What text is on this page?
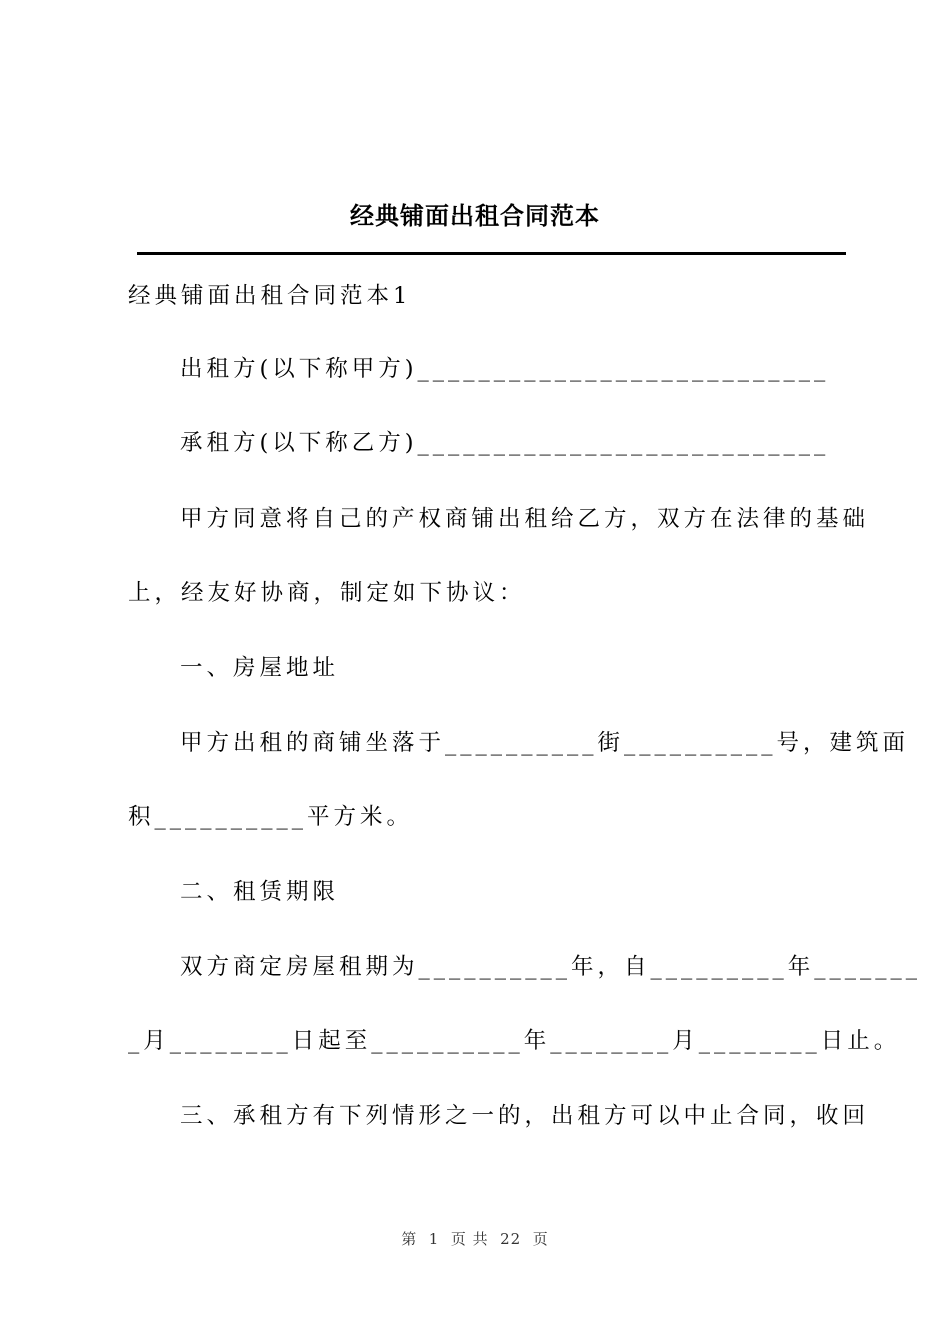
经典铺面出租合同范本
经典铺面出租合同范本1
出租方(以下称甲方)___________________________
承租方(以下称乙方)___________________________
甲方同意将自己的产权商铺出租给乙方，双方在法律的基础
上，经友好协商，制定如下协议：
一、房屋地址
甲方出租的商铺坐落于__________街__________号，建筑面
积__________平方米。
二、租赁期限
双方商定房屋租期为__________年，自_________年_______
_月________日起至__________年________月________日止。
三、承租方有下列情形之一的，出租方可以中止合同，收回
第  1  页 共  22  页
